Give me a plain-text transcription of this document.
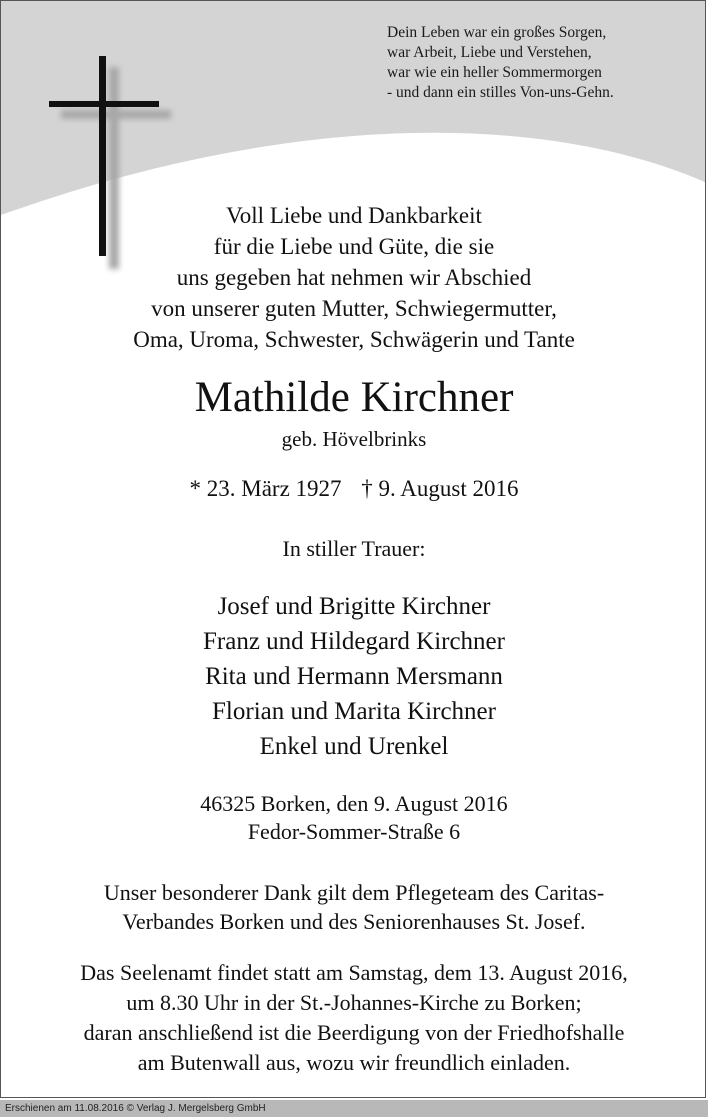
Dein Leben war ein großes Sorgen,
war Arbeit, Liebe und Verstehen,
war wie ein heller Sommermorgen
- und dann ein stilles Von-uns-Gehn.
Voll Liebe und Dankbarkeit
für die Liebe und Güte, die sie
uns gegeben hat nehmen wir Abschied
von unserer guten Mutter, Schwiegermutter,
Oma, Uroma, Schwester, Schwägerin und Tante
Mathilde Kirchner
geb. Hövelbrinks
* 23. März 1927 † 9. August 2016
In stiller Trauer:
Josef und Brigitte Kirchner
Franz und Hildegard Kirchner
Rita und Hermann Mersmann
Florian und Marita Kirchner
Enkel und Urenkel
46325 Borken, den 9. August 2016
Fedor-Sommer-Straße 6
Unser besonderer Dank gilt dem Pflegeteam des Caritas-
Verbandes Borken und des Seniorenhauses St. Josef.
Das Seelenamt findet statt am Samstag, dem 13. August 2016,
um 8.30 Uhr in der St.-Johannes-Kirche zu Borken;
daran anschließend ist die Beerdigung von der Friedhofshalle
am Butenwall aus, wozu wir freundlich einladen.
Erschienen am 11.08.2016 © Verlag J. Mergelsberg GmbH
